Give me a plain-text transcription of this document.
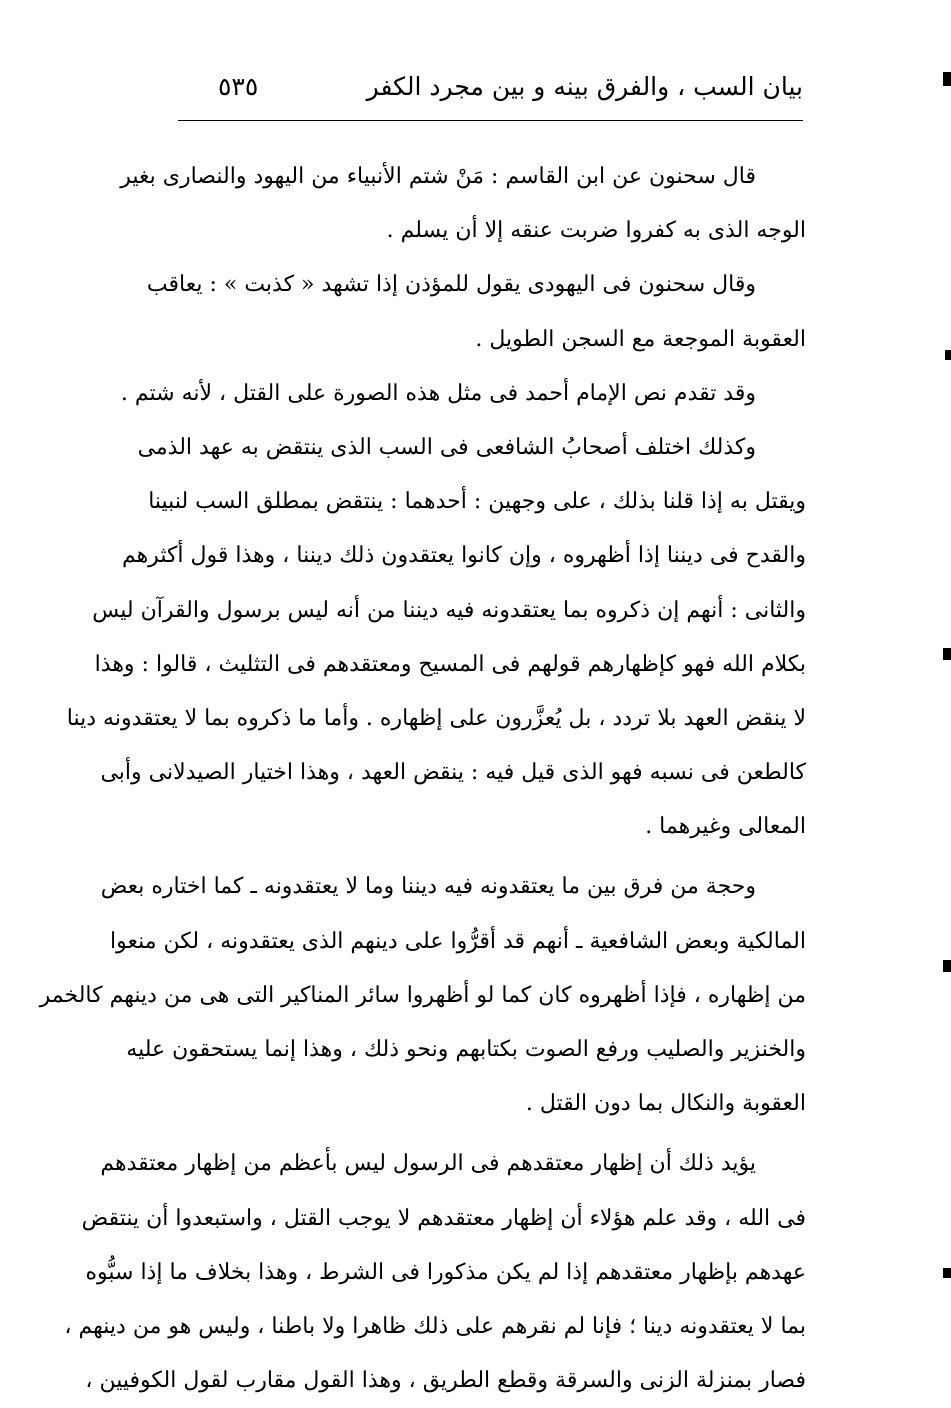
بيان السب ، والفرق بينه و بين مجرد الكفر
٥٣٥
قال سحنون عن ابن القاسم : مَنْ شتم الأنبياء من اليهود والنصارى بغير
الوجه الذى به كفروا ضربت عنقه إلا أن يسلم .
وقال سحنون فى اليهودى يقول للمؤذن إذا تشهد « كذبت » : يعاقب
العقوبة الموجعة مع السجن الطويل .
وقد تقدم نص الإمام أحمد فى مثل هذه الصورة على القتل ، لأنه شتم .
وكذلك اختلف أصحابُ الشافعى فى السب الذى ينتقض به عهد الذمى
ويقتل به إذا قلنا بذلك ، على وجهين : أحدهما : ينتقض بمطلق السب لنبينا
والقدح فى ديننا إذا أظهروه ، وإن كانوا يعتقدون ذلك ديننا ، وهذا قول أكثرهم
والثانى : أنهم إن ذكروه بما يعتقدونه فيه ديننا من أنه ليس برسول والقرآن ليس
بكلام الله فهو كإظهارهم قولهم فى المسيح ومعتقدهم فى التثليث ، قالوا : وهذا
لا ينقض العهد بلا تردد ، بل يُعزَّرون على إظهاره . وأما ما ذكروه بما لا يعتقدونه دينا
كالطعن فى نسبه فهو الذى قيل فيه : ينقض العهد ، وهذا اختيار الصيدلانى وأبى
المعالى وغيرهما .
وحجة من فرق بين ما يعتقدونه فيه ديننا وما لا يعتقدونه ـ كما اختاره بعض
المالكية وبعض الشافعية ـ أنهم قد أقرُّوا على دينهم الذى يعتقدونه ، لكن منعوا
من إظهاره ، فإذا أظهروه كان كما لو أظهروا سائر المناكير التى هى من دينهم كالخمر
والخنزير والصليب ورفع الصوت بكتابهم ونحو ذلك ، وهذا إنما يستحقون عليه
العقوبة والنكال بما دون القتل .
يؤيد ذلك أن إظهار معتقدهم فى الرسول ليس بأعظم من إظهار معتقدهم
فى الله ، وقد علم هؤلاء أن إظهار معتقدهم لا يوجب القتل ، واستبعدوا أن ينتقض
عهدهم بإظهار معتقدهم إذا لم يكن مذكورا فى الشرط ، وهذا بخلاف ما إذا سبُّوه
بما لا يعتقدونه دينا ؛ فإنا لم نقرهم على ذلك ظاهرا ولا باطنا ، وليس هو من دينهم ،
فصار بمنزلة الزنى والسرقة وقطع الطريق ، وهذا القول مقارب لقول الكوفيين ،
